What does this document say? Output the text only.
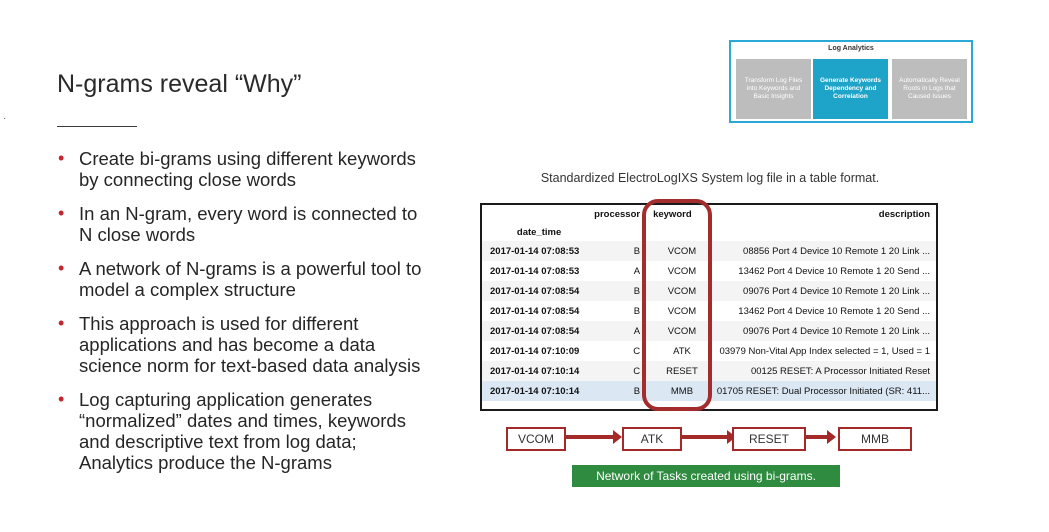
N-grams reveal “Why”
·
• Create bi-grams using different keywords
by connecting close words
• In an N-gram, every word is connected to
N close words
• A network of N-grams is a powerful tool to
model a complex structure
• This approach is used for different
applications and has become a data
science norm for text-based data analysis
• Log capturing application generates
“normalized” dates and times, keywords
and descriptive text from log data;
Analytics produce the N-grams
Log Analytics
Transform Log Files
into Keywords and
Basic Insights
Generate Keywords
Dependency and
Correlation
Automatically Reveal
Roots in Logs that
Caused Issues
Standardized ElectroLogIXS System log file in a table format.
	processor	keyword	description
date_time			
2017-01-14 07:08:53	B	VCOM	08856 Port 4 Device 10 Remote 1 20 Link ...
2017-01-14 07:08:53	A	VCOM	13462 Port 4 Device 10 Remote 1 20 Send ...
2017-01-14 07:08:54	B	VCOM	09076 Port 4 Device 10 Remote 1 20 Link ...
2017-01-14 07:08:54	B	VCOM	13462 Port 4 Device 10 Remote 1 20 Send ...
2017-01-14 07:08:54	A	VCOM	09076 Port 4 Device 10 Remote 1 20 Link ...
2017-01-14 07:10:09	C	ATK	03979 Non-Vital App Index selected = 1, Used = 1
2017-01-14 07:10:14	C	RESET	00125 RESET: A Processor Initiated Reset
2017-01-14 07:10:14	B	MMB	01705 RESET: Dual Processor Initiated (SR: 411...
VCOM	ATK	RESET	MMB
Network of Tasks created using bi-grams.
